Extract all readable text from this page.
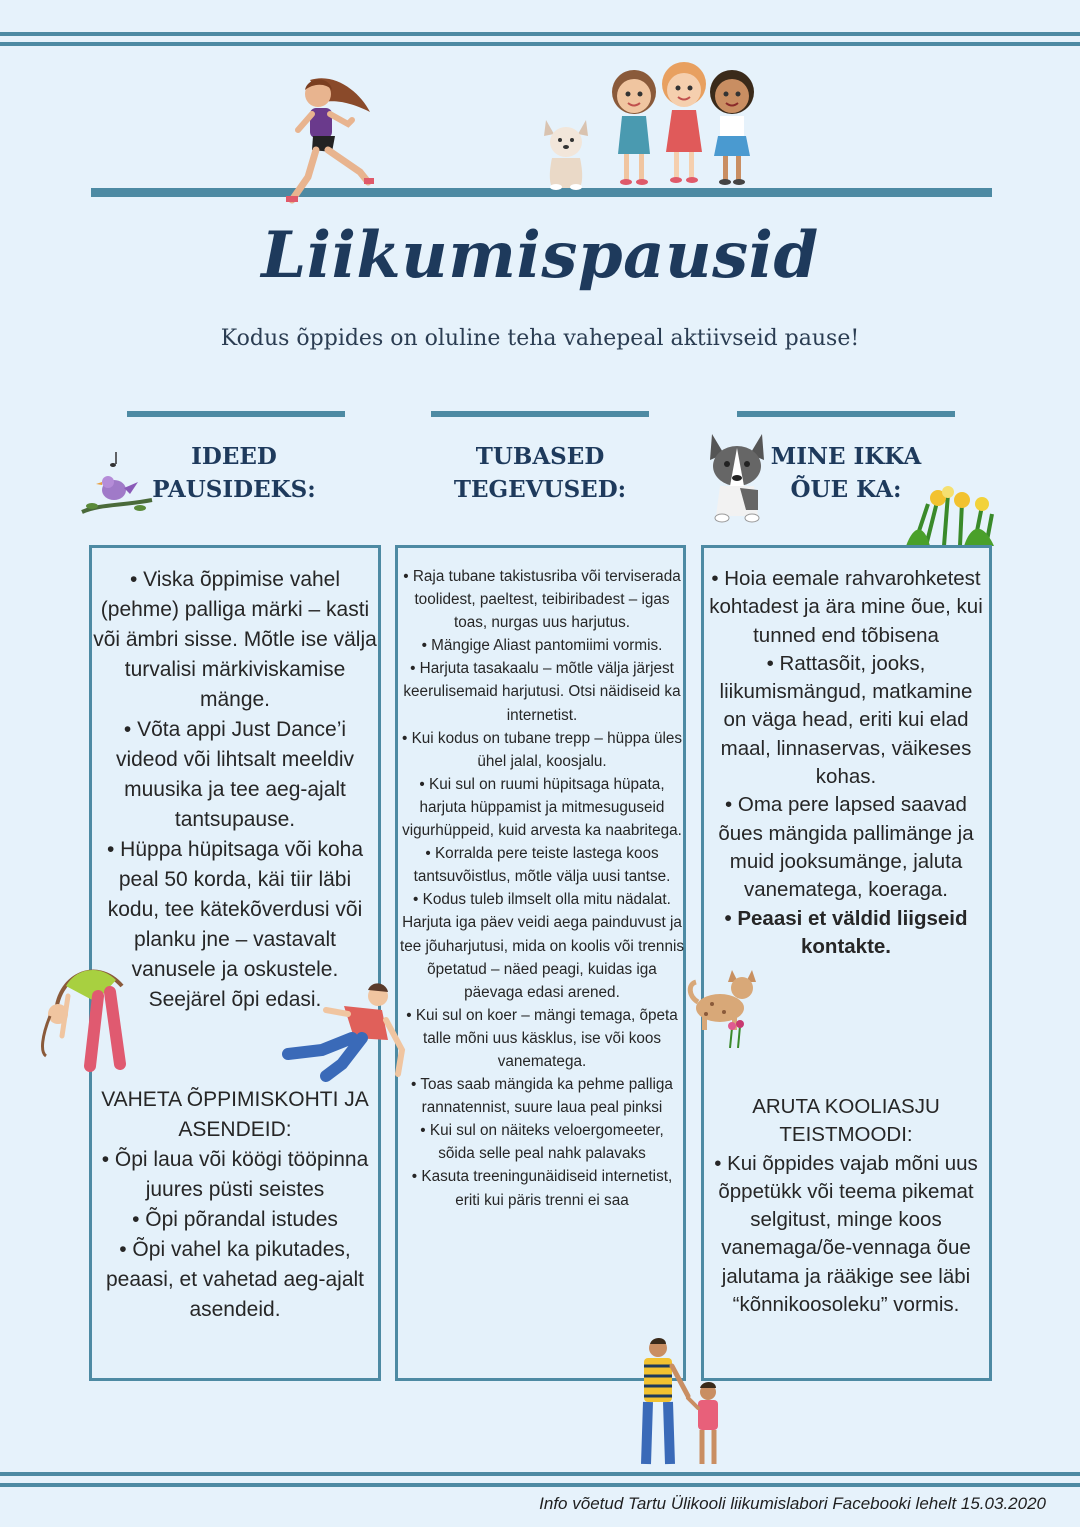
Liikumispausid
Kodus õppides on oluline teha vahepeal aktiivseid pause!
IDEED
PAUSIDEKS:
TUBASED
TEGEVUSED:
MINE IKKA
ÕUE KA:

• Viska õppimise vahel (pehme) palliga märki – kasti või ämbri sisse. Mõtle ise välja turvalisi märkiviskamise mänge.

• Võta appi Just Dance’i videod või lihtsalt meeldiv muusika ja tee aeg-ajalt tantsupause.

• Hüppa hüpitsaga või koha peal 50 korda, käi tiir läbi kodu, tee kätekõverdusi või planku jne – vastavalt vanusele ja oskustele. Seejärel õpi edasi.

VAHETA ÕPPIMISKOHTI JA ASENDEID:

• Õpi laua või köögi tööpinna juures püsti seistes

• Õpi põrandal istudes

• Õpi vahel ka pikutades, peaasi, et vahetad aeg-ajalt asendeid.

• Raja tubane takistusriba või terviserada toolidest, paeltest, teibiribadest – igas toas, nurgas uus harjutus.

• Mängige Aliast pantomiimi vormis.

• Harjuta tasakaalu – mõtle välja järjest keerulisemaid harjutusi. Otsi näidiseid ka internetist.

• Kui kodus on tubane trepp – hüppa üles ühel jalal, koosjalu.

• Kui sul on ruumi hüpitsaga hüpata, harjuta hüppamist ja mitmesuguseid vigurhüppeid, kuid arvesta ka naabritega.

• Korralda pere teiste lastega koos tantsuvõistlus, mõtle välja uusi tantse.

• Kodus tuleb ilmselt olla mitu nädalat. Harjuta iga päev veidi aega painduvust ja tee jõuharjutusi, mida on koolis või trennis õpetatud – näed peagi, kuidas iga päevaga edasi arened.

• Kui sul on koer – mängi temaga, õpeta talle mõni uus käsklus, ise või koos vanematega.

• Toas saab mängida ka pehme palliga rannatennist, suure laua peal pinksi

• Kui sul on näiteks veloergomeeter, sõida selle peal nahk palavaks

• Kasuta treeningunäidiseid internetist, eriti kui päris trenni ei saa

• Hoia eemale rahvarohketest kohtadest ja ära mine õue, kui tunned end tõbisena

• Rattasõit, jooks, liikumismängud, matkamine on väga head, eriti kui elad maal, linnaservas, väikeses kohas.

• Oma pere lapsed saavad õues mängida pallimänge ja muid jooksumänge, jaluta vanematega, koeraga.

• Peaasi et väldid liigseid kontakte.

ARUTA KOOLIASJU TEISTMOODI:

• Kui õppides vajab mõni uus õppetükk või teema pikemat selgitust, minge koos vanemaga/õe-vennaga õue jalutama ja rääkige see läbi “kõnnikoosoleku” vormis.

Info võetud Tartu Ülikooli liikumislabori Facebooki lehelt 15.03.2020
